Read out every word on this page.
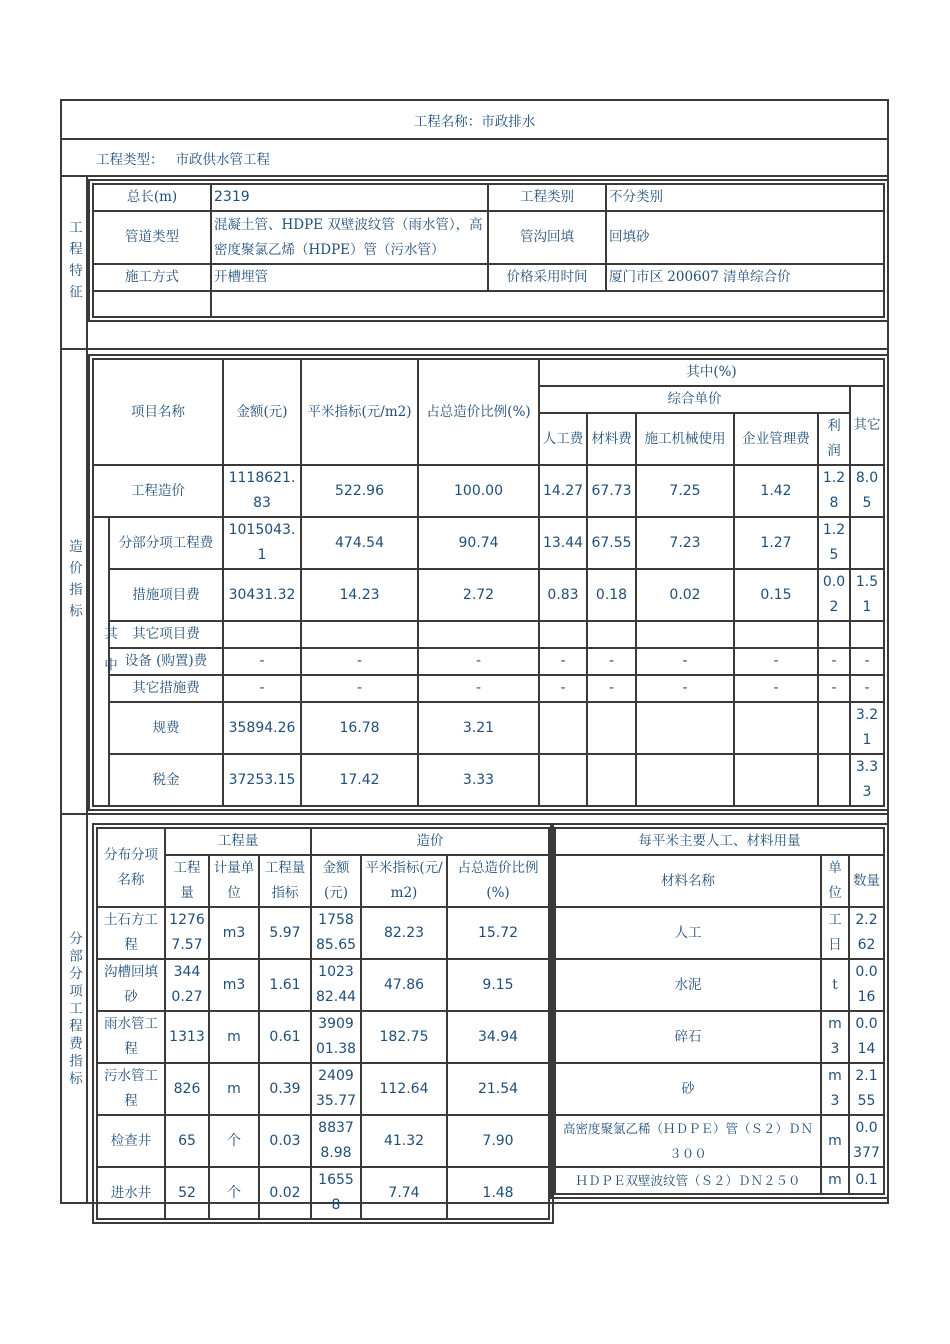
工程名称： 市政排水
工程类型： 市政供水管工程
工程特征
总长(m)	2319	工程类别	不分类别
管道类型	混凝土管、HDPE 双壁波纹管（雨水管），高密度聚氯乙烯（HDPE）管（污水管）	管沟回填	回填砂
施工方式	开槽埋管	价格采用时间	厦门市区 200607 清单综合价

造价指标
项目名称		金额(元)	平米指标(元/m2)	占总造价比例(%)	其中(%)					
					综合单价					其它
					人工费	材料费	施工机械使用	企业管理费	利润	
工程造价		1118621.83	522.96	100.00	14.27	67.73	7.25	1.42	1.28	8.05
其中	分部分项工程费	1015043.1	474.54	90.74	13.44	67.55	7.23	1.27	1.25	
	措施项目费	30431.32	14.23	2.72	0.83	0.18	0.02	0.15	0.02	1.51
	其它项目费									
	设备 (购置)费	-	-	-	-	-	-	-	-	-
	其它措施费	-	-	-	-	-	-	-	-	-
	规费	35894.26	16.78	3.21						3.21
	税金	37253.15	17.42	3.33						3.33
分部分项工程费指标
分布分项名称	工程量			造价		
	工程量	计量单位	工程量指标	金额(元)	平米指标(元/m2)	占总造价比例(%)
土石方工程	12767.57	m3	5.97	175885.65	82.23	15.72
沟槽回填砂	3440.27	m3	1.61	102382.44	47.86	9.15
雨水管工程	1313	m	0.61	390901.38	182.75	34.94
污水管工程	826	m	0.39	240935.77	112.64	21.54
检查井	65	个	0.03	88378.98	41.32	7.90
进水井	52	个	0.02	16558	7.74	1.48
每平米主要人工、材料用量		
材料名称	单位	数量
人工	工日	2.262
水泥	t	0.016
碎石	m3	0.014
砂	m3	2.155
高密度聚氯乙稀（ＨＤＰＥ）管（Ｓ２）ＤＮ３００	m	0.0377
ＨＤＰＥ双壁波纹管（Ｓ２）ＤＮ２５０	m	0.1
